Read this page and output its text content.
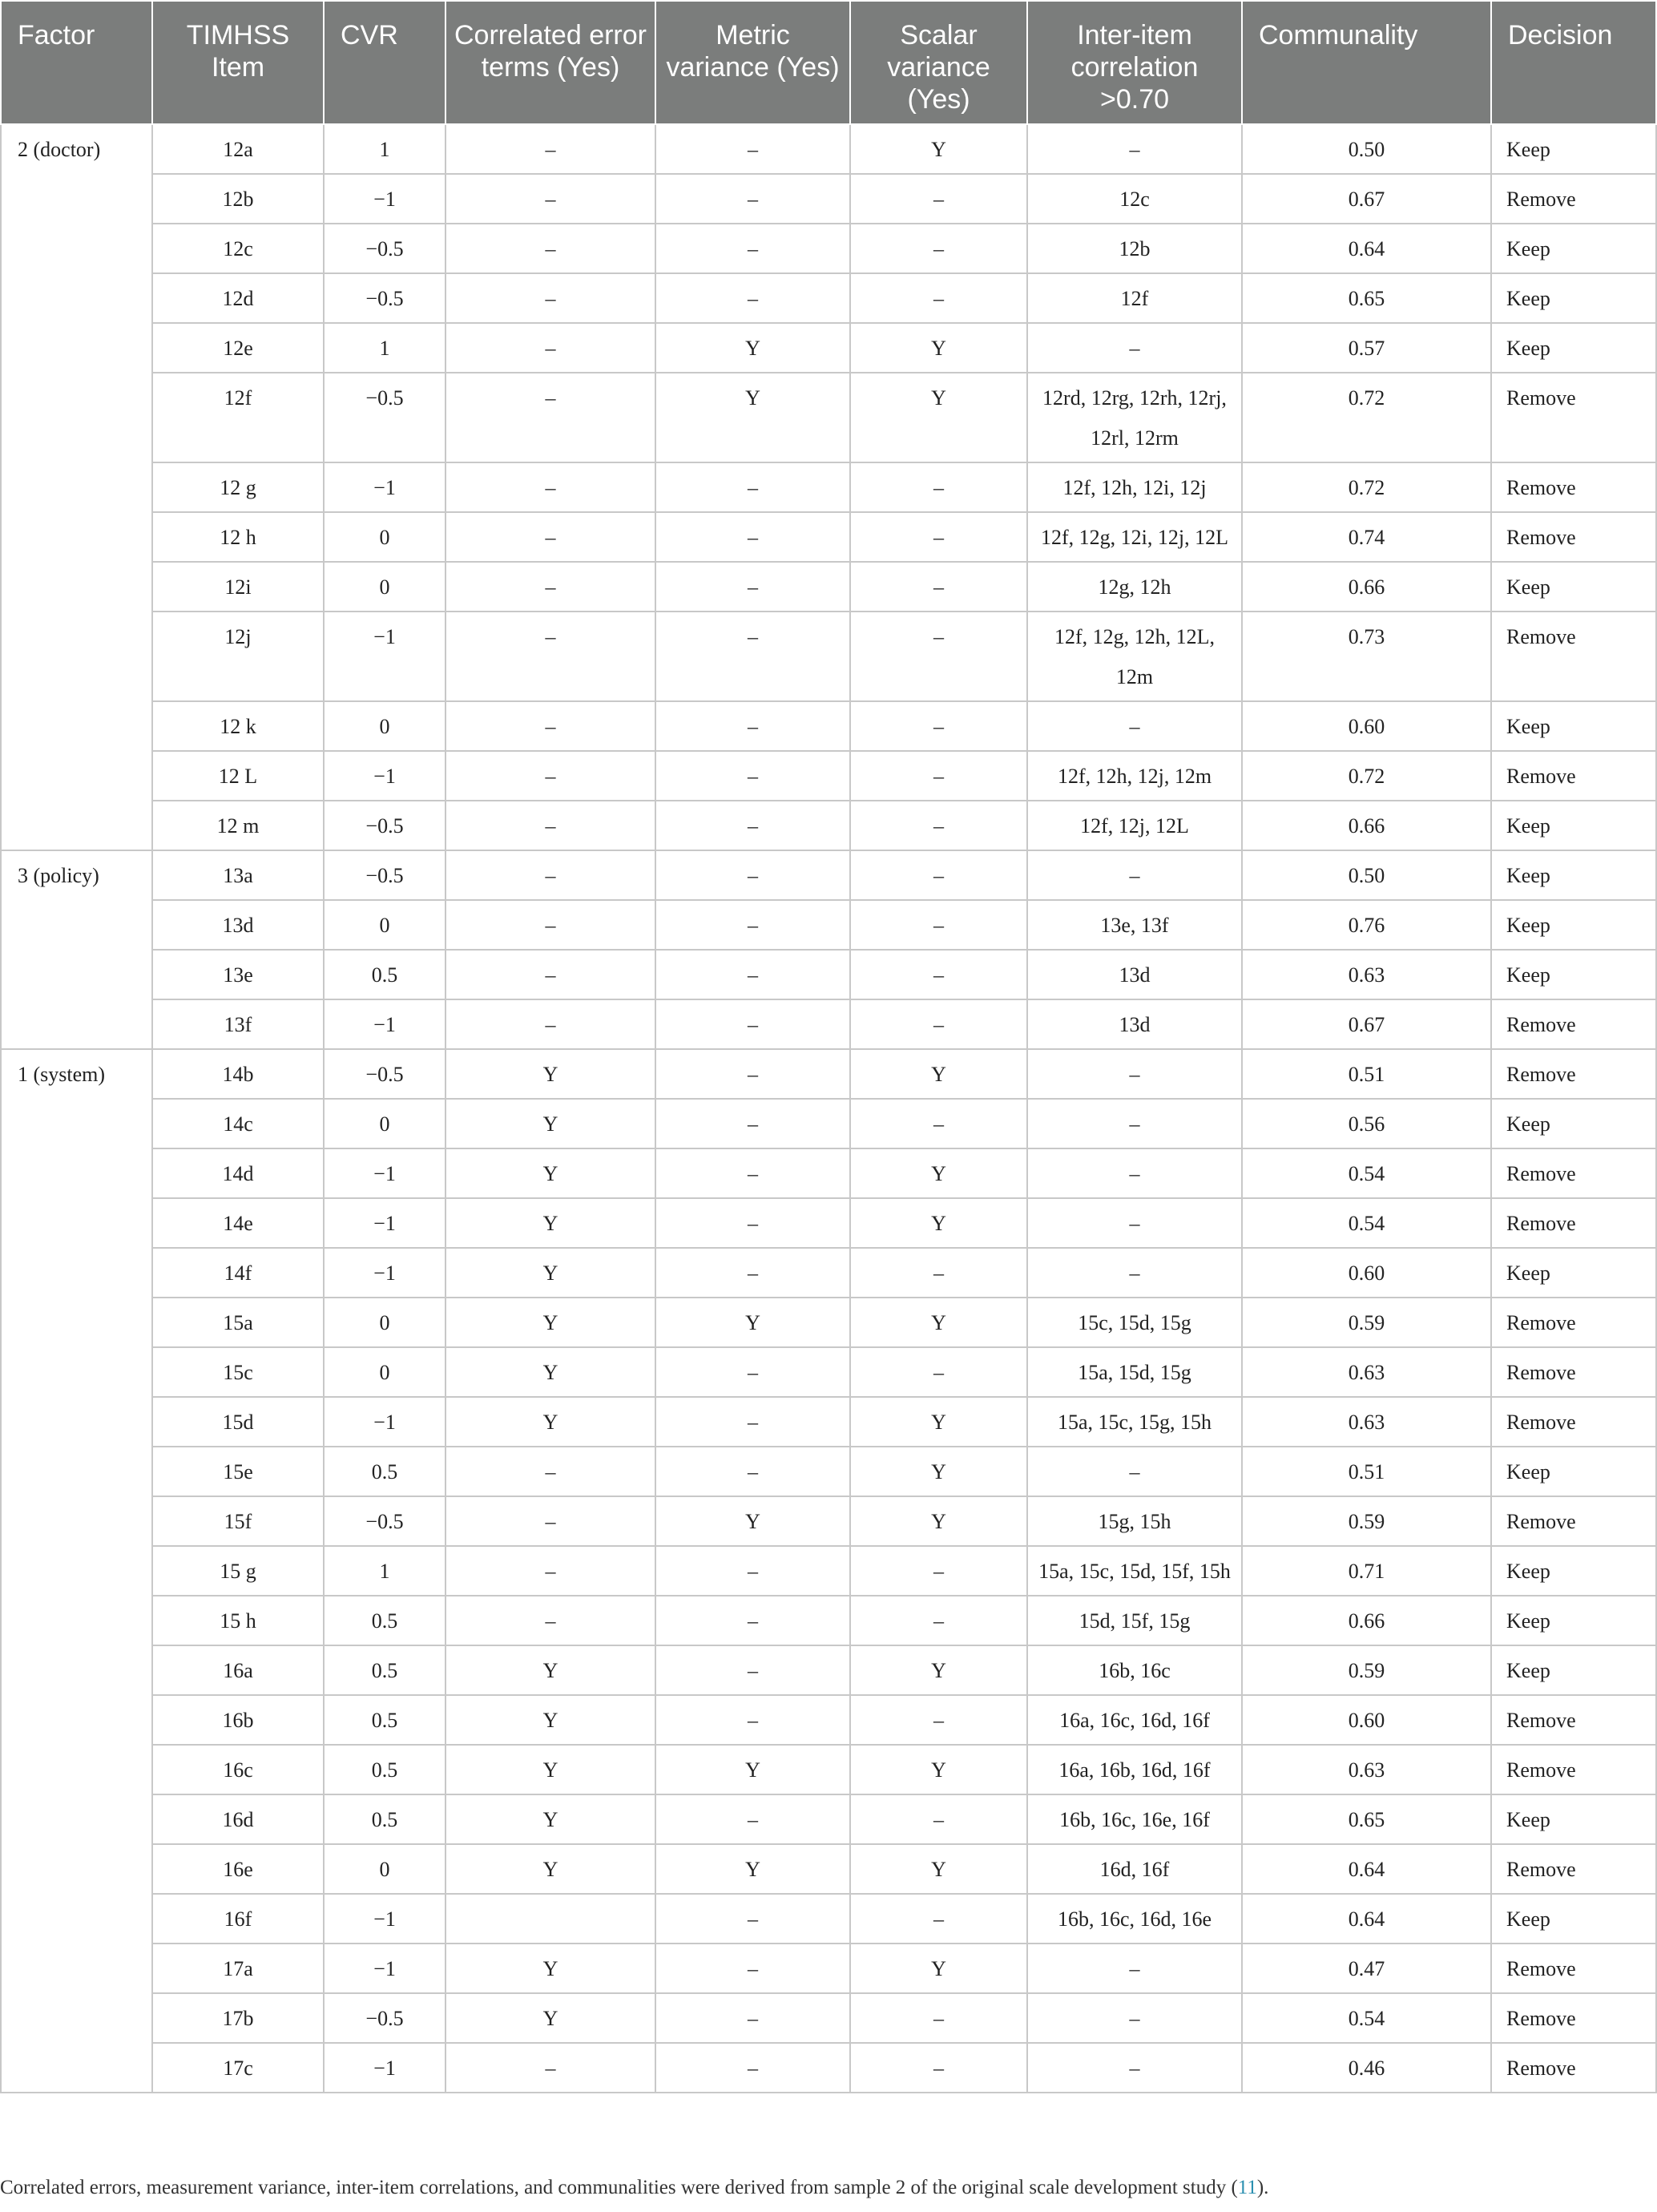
Factor	TIMHSS Item	CVR	Correlated error terms (Yes)	Metric variance (Yes)	Scalar variance (Yes)	Inter-item correlation >0.70	Communality	Decision
2 (doctor)	12a	1	–	–	Y	–	0.50	Keep
	12b	−1	–	–	–	12c	0.67	Remove
	12c	−0.5	–	–	–	12b	0.64	Keep
	12d	−0.5	–	–	–	12f	0.65	Keep
	12e	1	–	Y	Y	–	0.57	Keep
	12f	−0.5	–	Y	Y	12rd, 12rg, 12rh, 12rj, 12rl, 12rm	0.72	Remove
	12 g	−1	–	–	–	12f, 12h, 12i, 12j	0.72	Remove
	12 h	0	–	–	–	12f, 12g, 12i, 12j, 12L	0.74	Remove
	12i	0	–	–	–	12g, 12h	0.66	Keep
	12j	−1	–	–	–	12f, 12g, 12h, 12L, 12m	0.73	Remove
	12 k	0	–	–	–	–	0.60	Keep
	12 L	−1	–	–	–	12f, 12h, 12j, 12m	0.72	Remove
	12 m	−0.5	–	–	–	12f, 12j, 12L	0.66	Keep
3 (policy)	13a	−0.5	–	–	–	–	0.50	Keep
	13d	0	–	–	–	13e, 13f	0.76	Keep
	13e	0.5	–	–	–	13d	0.63	Keep
	13f	−1	–	–	–	13d	0.67	Remove
1 (system)	14b	−0.5	Y	–	Y	–	0.51	Remove
	14c	0	Y	–	–	–	0.56	Keep
	14d	−1	Y	–	Y	–	0.54	Remove
	14e	−1	Y	–	Y	–	0.54	Remove
	14f	−1	Y	–	–	–	0.60	Keep
	15a	0	Y	Y	Y	15c, 15d, 15g	0.59	Remove
	15c	0	Y	–	–	15a, 15d, 15g	0.63	Remove
	15d	−1	Y	–	Y	15a, 15c, 15g, 15h	0.63	Remove
	15e	0.5	–	–	Y	–	0.51	Keep
	15f	−0.5	–	Y	Y	15g, 15h	0.59	Remove
	15 g	1	–	–	–	15a, 15c, 15d, 15f, 15h	0.71	Keep
	15 h	0.5	–	–	–	15d, 15f, 15g	0.66	Keep
	16a	0.5	Y	–	Y	16b, 16c	0.59	Keep
	16b	0.5	Y	–	–	16a, 16c, 16d, 16f	0.60	Remove
	16c	0.5	Y	Y	Y	16a, 16b, 16d, 16f	0.63	Remove
	16d	0.5	Y	–	–	16b, 16c, 16e, 16f	0.65	Keep
	16e	0	Y	Y	Y	16d, 16f	0.64	Remove
	16f	−1		–	–	16b, 16c, 16d, 16e	0.64	Keep
	17a	−1	Y	–	Y	–	0.47	Remove
	17b	−0.5	Y	–	–	–	0.54	Remove
	17c	−1	–	–	–	–	0.46	Remove
Correlated errors, measurement variance, inter-item correlations, and communalities were derived from sample 2 of the original scale development study (11).
